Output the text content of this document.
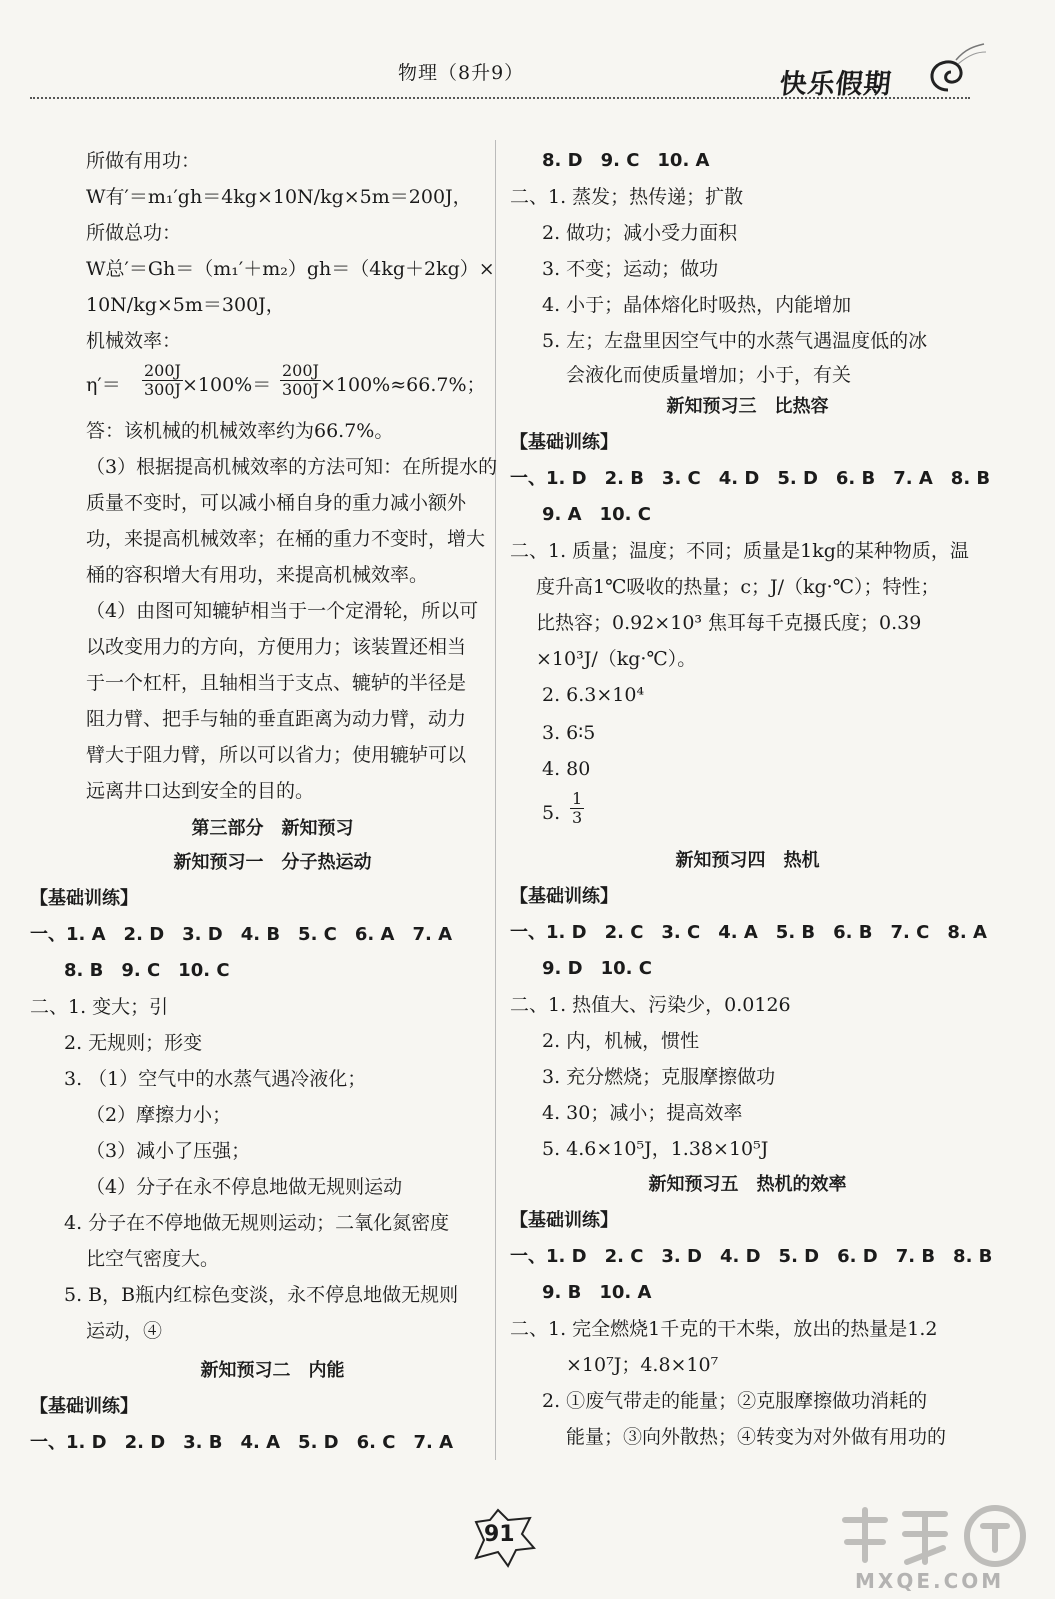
物理（8升9）	快乐假期
所做有用功：
W有′＝m₁′gh＝4kg×10N/kg×5m＝200J，
所做总功：
W总′＝Gh＝（m₁′＋m₂）gh＝（4kg＋2kg）×
10N/kg×5m＝300J，
机械效率：
$\eta'= \frac{200J}{300J} \times 100\%= \frac{200J}{300J} \times 100\%\approx 66.7\%$；
答：该机械的机械效率约为66.7%。
（3）根据提高机械效率的方法可知：在所提水的
质量不变时，可以减小桶自身的重力减小额外
功，来提高机械效率；在桶的重力不变时，增大
桶的容积增大有用功，来提高机械效率。
（4）由图可知辘轳相当于一个定滑轮，所以可
以改变用力的方向，方便用力；该装置还相当
于一个杠杆，且轴相当于支点、辘轳的半径是
阻力臂、把手与轴的垂直距离为动力臂，动力
臂大于阻力臂，所以可以省力；使用辘轳可以
远离井口达到安全的目的。
第三部分　新知预习
新知预习一　分子热运动
【基础训练】
一、1. A　2. D　3. D　4. B　5. C　6. A　7. A
8. B　9. C　10. C
二、1. 变大；引
2. 无规则；形变
3. （1）空气中的水蒸气遇冷液化；
（2）摩擦力小；
（3）减小了压强；
（4）分子在永不停息地做无规则运动
4. 分子在不停地做无规则运动；二氧化氮密度
比空气密度大。
5. B，B瓶内红棕色变淡，永不停息地做无规则
运动，④
新知预习二　内能
【基础训练】
一、1. D　2. D　3. B　4. A　5. D　6. C　7. A
8. D　9. C　10. A
二、1. 蒸发；热传递；扩散
2. 做功；减小受力面积
3. 不变；运动；做功
4. 小于；晶体熔化时吸热，内能增加
5. 左；左盘里因空气中的水蒸气遇温度低的冰
会液化而使质量增加；小于，有关
新知预习三　比热容
【基础训练】
一、1. D　2. B　3. C　4. D　5. D　6. B　7. A　8. B
9. A　10. C
二、1. 质量；温度；不同；质量是1kg的某种物质，温
度升高1℃吸收的热量；c；J/（kg·℃）；特性；
比热容；0.92×10³ 焦耳每千克摄氏度；0.39
×10³J/（kg·℃）。
2. 6.3×10⁴
3. 6∶5
4. 80
5. $\frac{1}{3}$
新知预习四　热机
【基础训练】
一、1. D　2. C　3. C　4. A　5. B　6. B　7. C　8. A
9. D　10. C
二、1. 热值大、污染少，0.0126
2. 内，机械，惯性
3. 充分燃烧；克服摩擦做功
4. 30；减小；提高效率
5. 4.6×10⁵J，1.38×10⁵J
新知预习五　热机的效率
【基础训练】
一、1. D　2. C　3. D　4. D　5. D　6. D　7. B　8. B
9. B　10. A
二、1. 完全燃烧1千克的干木柴，放出的热量是1.2
×10⁷J；4.8×10⁷
2. ①废气带走的能量；②克服摩擦做功消耗的
能量；③向外散热；④转变为对外做有用功的
91
MXQE.COM
